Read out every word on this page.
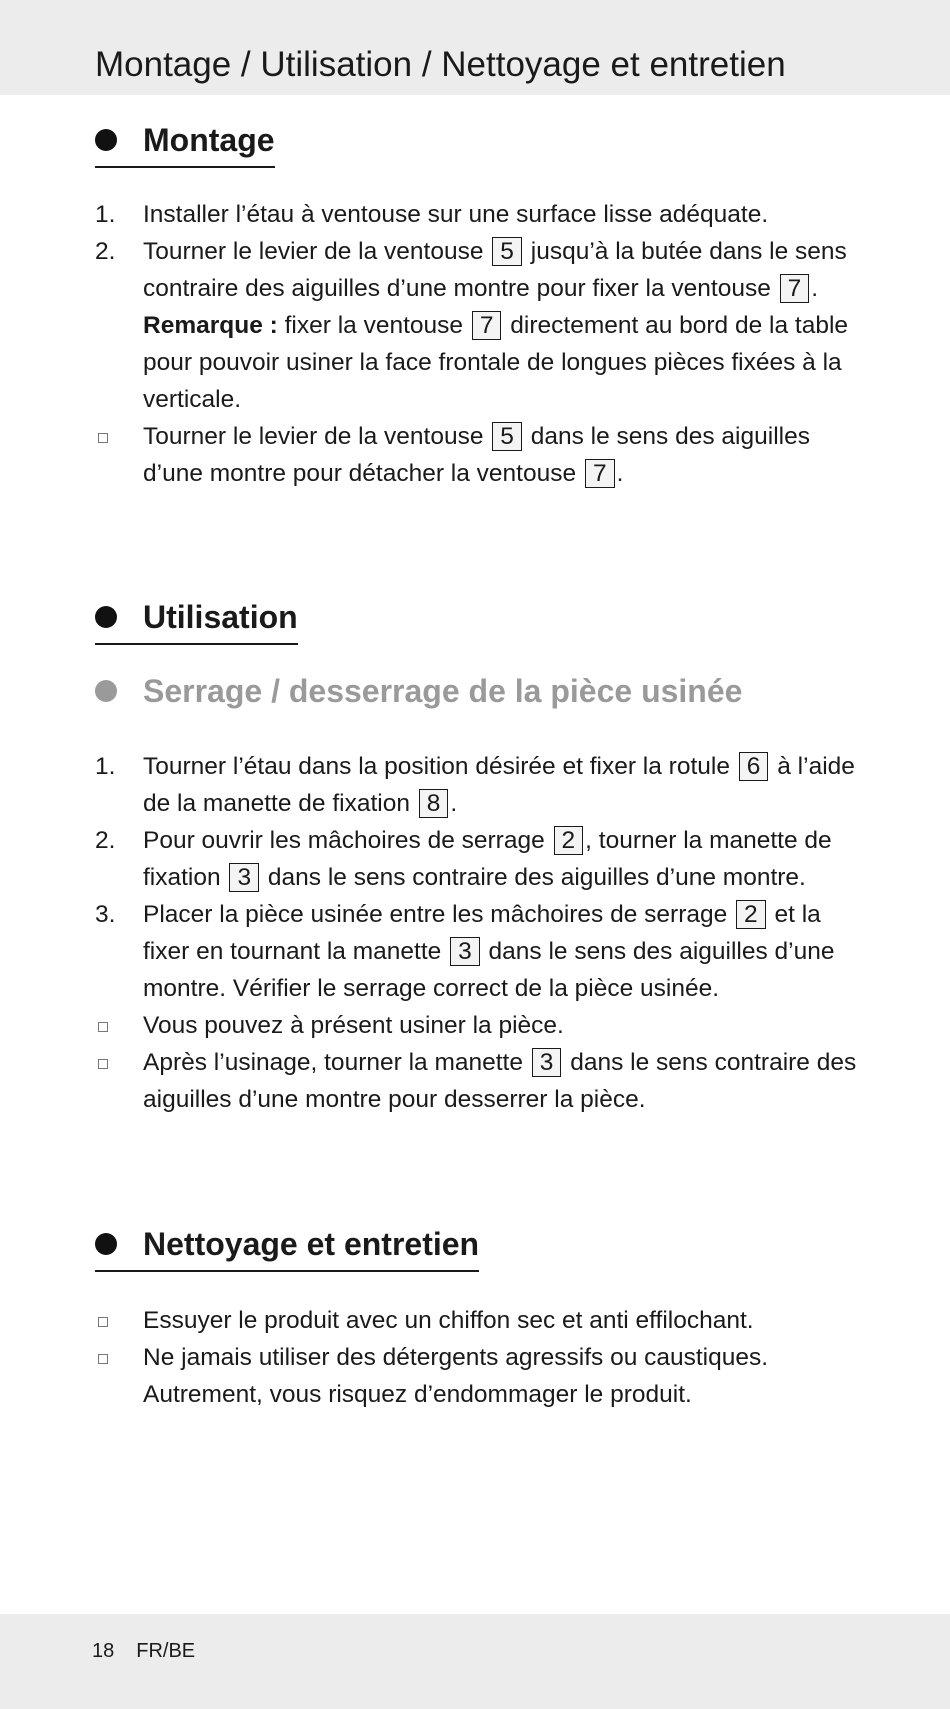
Montage / Utilisation / Nettoyage et entretien
Montage
1. Installer l’étau à ventouse sur une surface lisse adéquate.
2. Tourner le levier de la ventouse 5 jusqu’à la butée dans le sens contraire des aiguilles d’une montre pour fixer la ventouse 7 .
Remarque : fixer la ventouse 7 directement au bord de la table pour pouvoir usiner la face frontale de longues pièces fixées à la verticale.
Tourner le levier de la ventouse 5 dans le sens des aiguilles d’une montre pour détacher la ventouse 7 .
Utilisation
Serrage / desserrage de la pièce usinée
1. Tourner l’étau dans la position désirée et fixer la rotule 6 à l’aide de la manette de fixation 8 .
2. Pour ouvrir les mâchoires de serrage 2 , tourner la manette de fixation 3 dans le sens contraire des aiguilles d’une montre.
3. Placer la pièce usinée entre les mâchoires de serrage 2 et la fixer en tournant la manette 3 dans le sens des aiguilles d’une montre. Vérifier le serrage correct de la pièce usinée.
Vous pouvez à présent usiner la pièce.
Après l’usinage, tourner la manette 3 dans le sens contraire des aiguilles d’une montre pour desserrer la pièce.
Nettoyage et entretien
Essuyer le produit avec un chiffon sec et anti effilochant.
Ne jamais utiliser des détergents agressifs ou caustiques. Autrement, vous risquez d’endommager le produit.
18 FR/BE
